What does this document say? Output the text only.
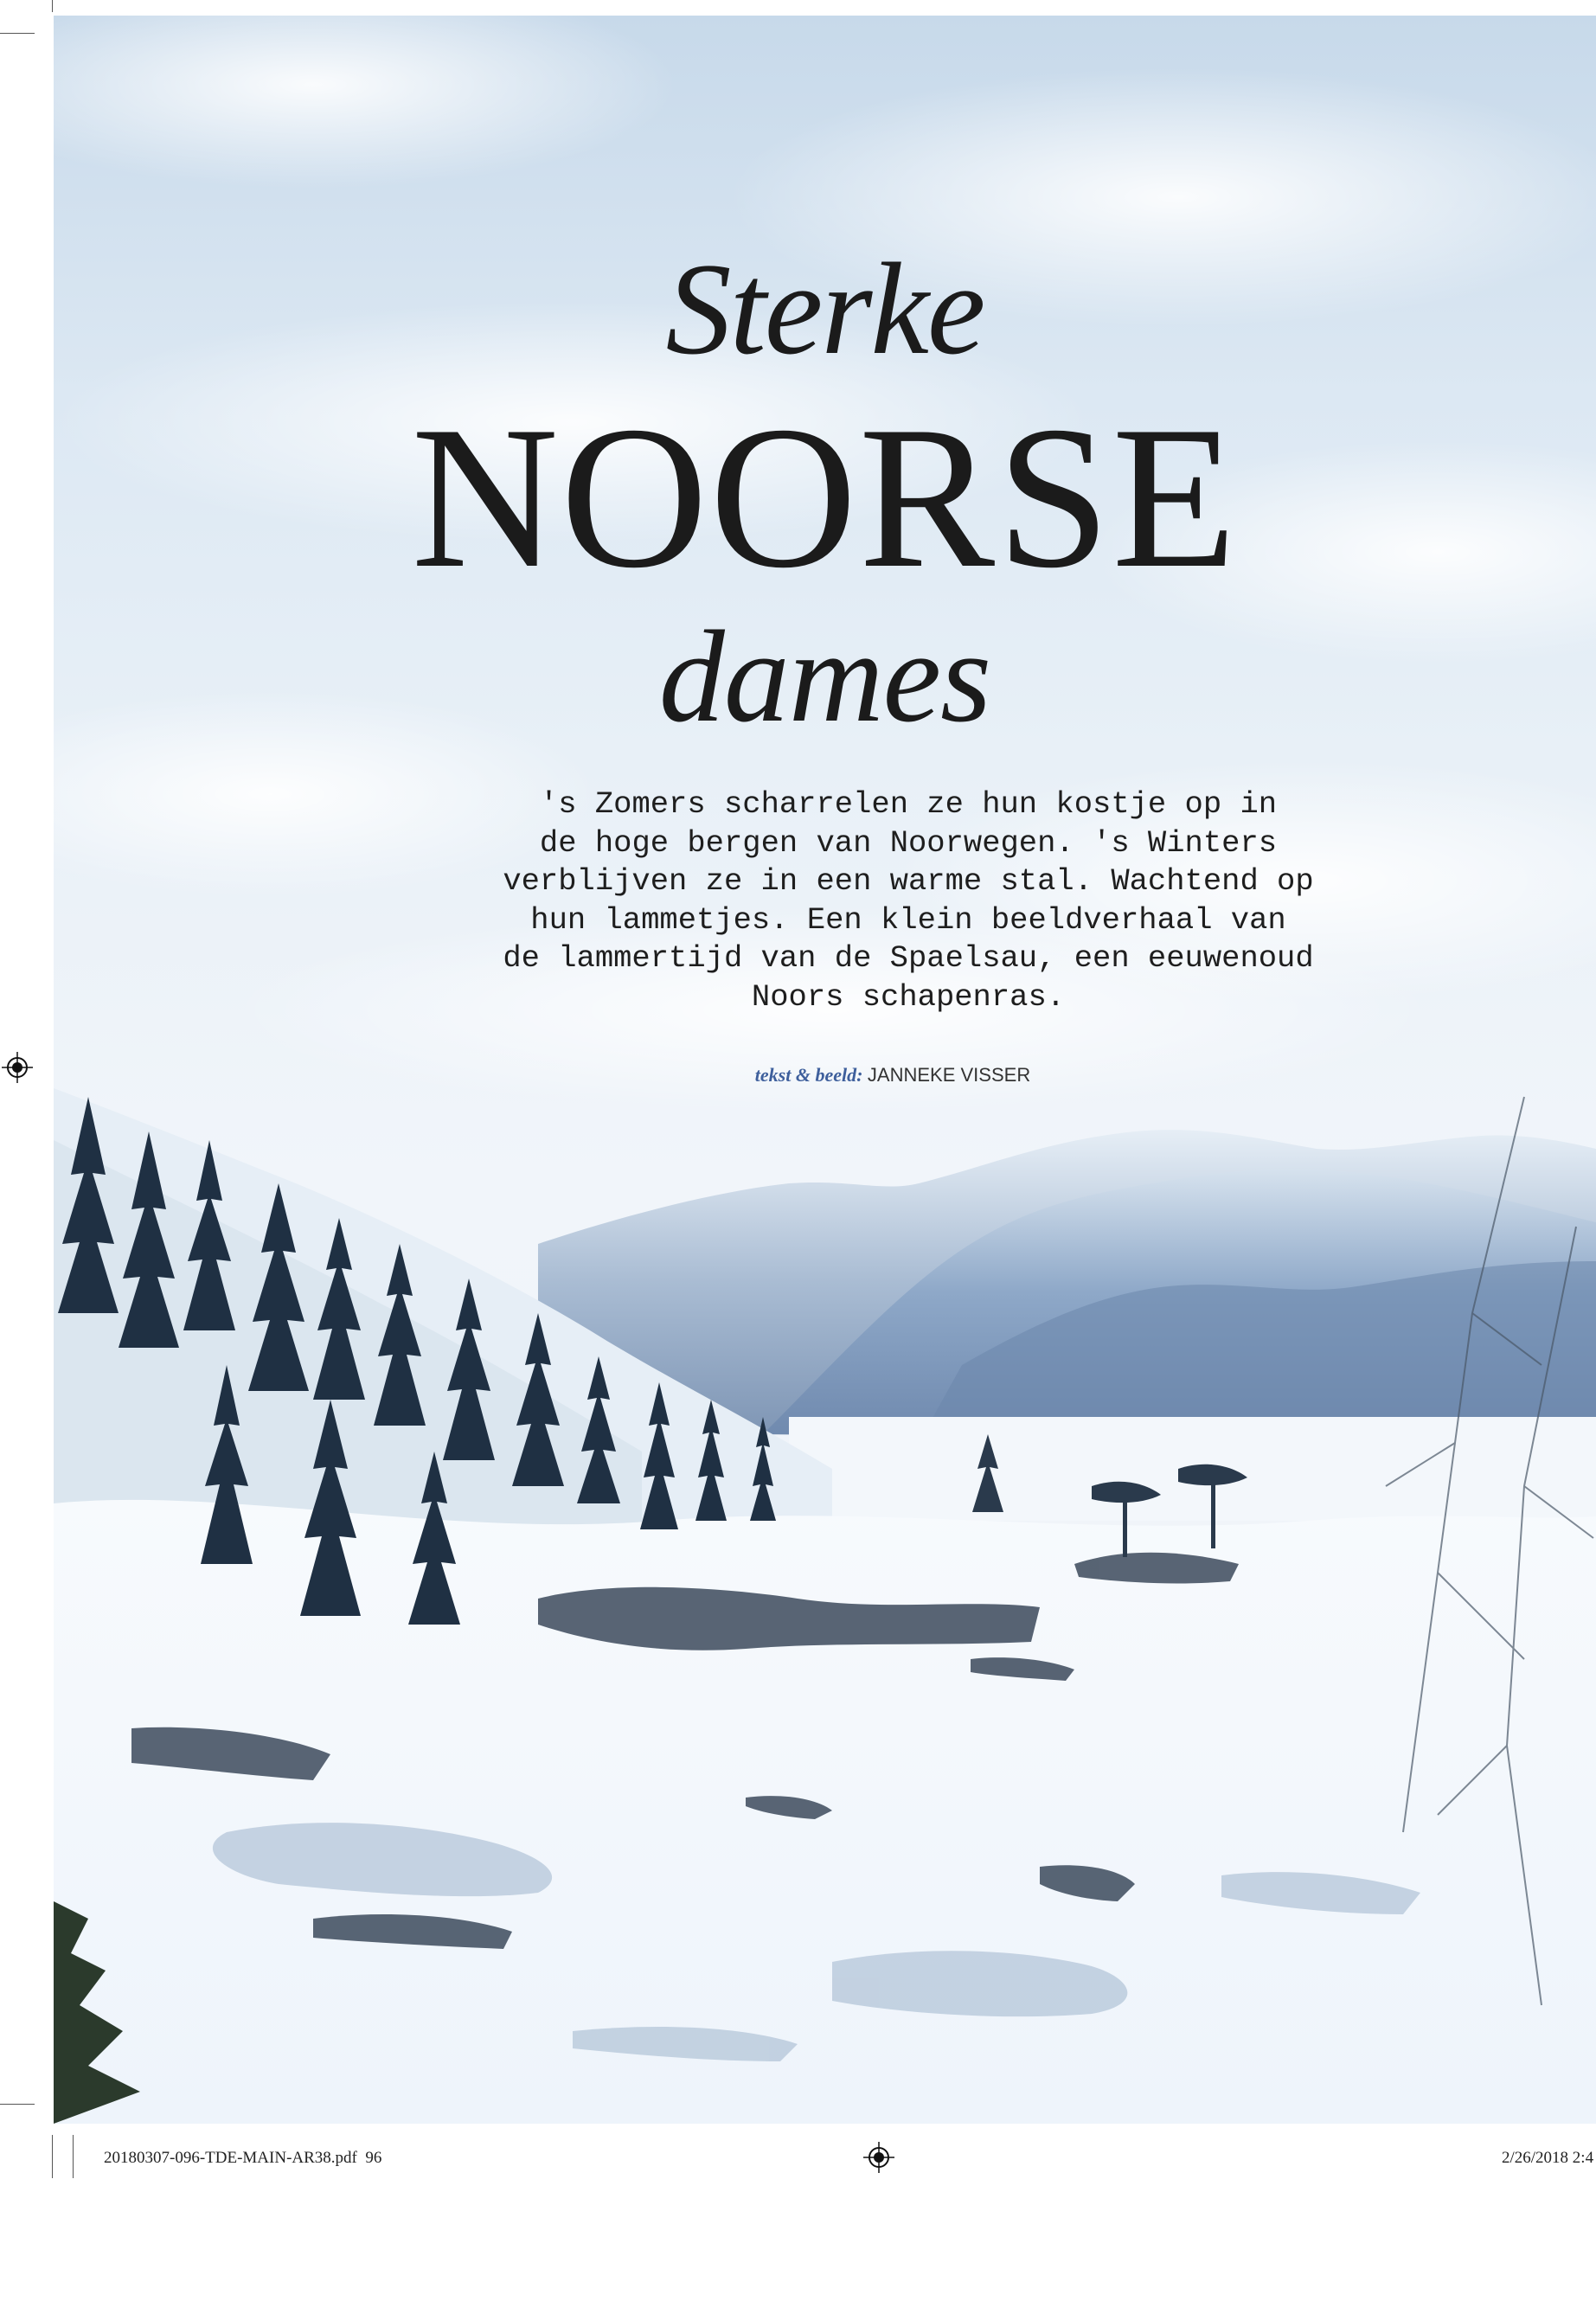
Sterke
NOORSE
dames
's Zomers scharrelen ze hun kostje op in
de hoge bergen van Noorwegen. 's Winters
verblijven ze in een warme stal. Wachtend op
hun lammetjes. Een klein beeldverhaal van
de lammertijd van de Spaelsau, een eeuwenoud
Noors schapenras.
tekst & beeld: JANNEKE VISSER
20180307-096-TDE-MAIN-AR38.pdf 96	2/26/2018 2:4
